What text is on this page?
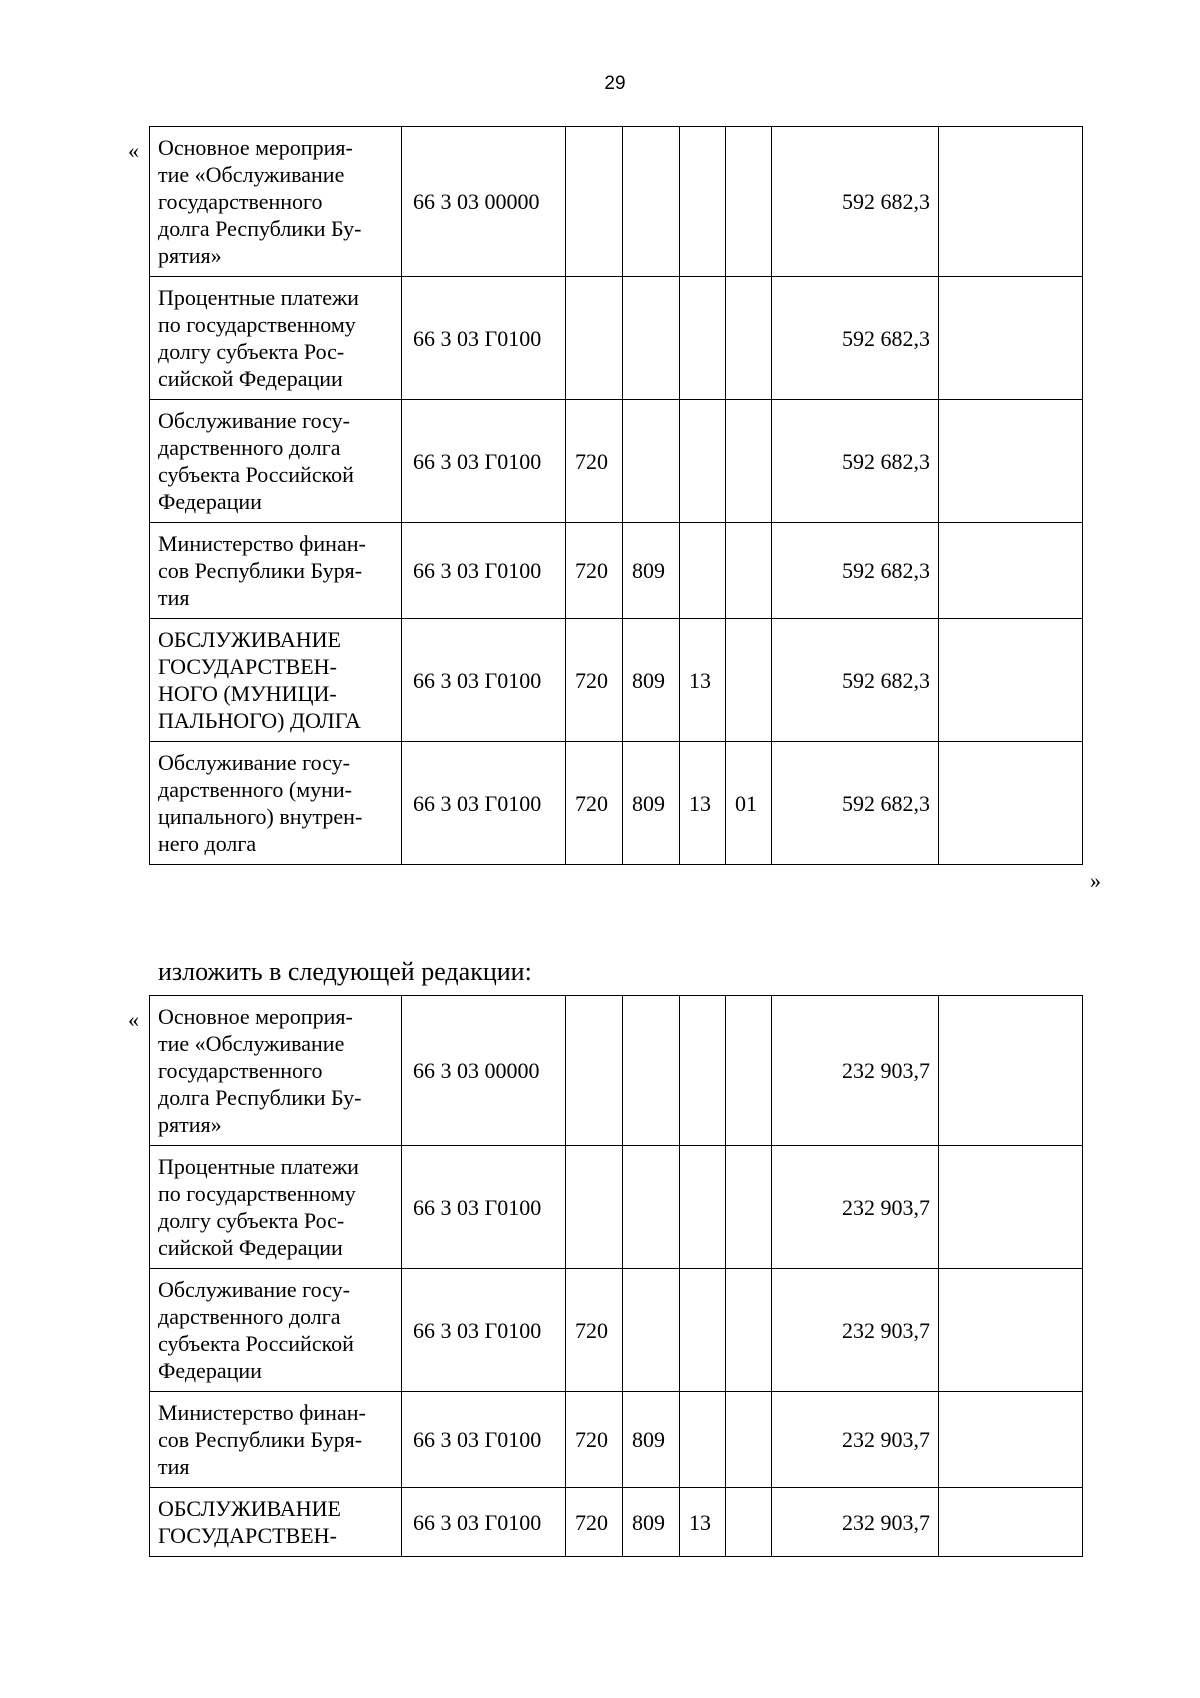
29
« Основное мероприя-
тие «Обслуживание
государственного
долга Республики Бу-
рятия»	66 3 03 00000					592 682,3	
Процентные платежи
по государственному
долгу субъекта Рос-
сийской Федерации	66 3 03 Г0100					592 682,3	
Обслуживание госу-
дарственного долга
субъекта Российской
Федерации	66 3 03 Г0100	720				592 682,3	
Министерство финан-
сов Республики Буря-
тия	66 3 03 Г0100	720	809			592 682,3	
ОБСЛУЖИВАНИЕ
ГОСУДАРСТВЕН-
НОГО (МУНИЦИ-
ПАЛЬНОГО) ДОЛГА	66 3 03 Г0100	720	809	13		592 682,3	
Обслуживание госу-
дарственного (муни-
ципального) внутрен-
него долга	66 3 03 Г0100	720	809	13	01	592 682,3	
»
изложить в следующей редакции:
« Основное мероприя-
тие «Обслуживание
государственного
долга Республики Бу-
рятия»	66 3 03 00000					232 903,7	
Процентные платежи
по государственному
долгу субъекта Рос-
сийской Федерации	66 3 03 Г0100					232 903,7	
Обслуживание госу-
дарственного долга
субъекта Российской
Федерации	66 3 03 Г0100	720				232 903,7	
Министерство финан-
сов Республики Буря-
тия	66 3 03 Г0100	720	809			232 903,7	
ОБСЛУЖИВАНИЕ
ГОСУДАРСТВЕН-	66 3 03 Г0100	720	809	13		232 903,7	
